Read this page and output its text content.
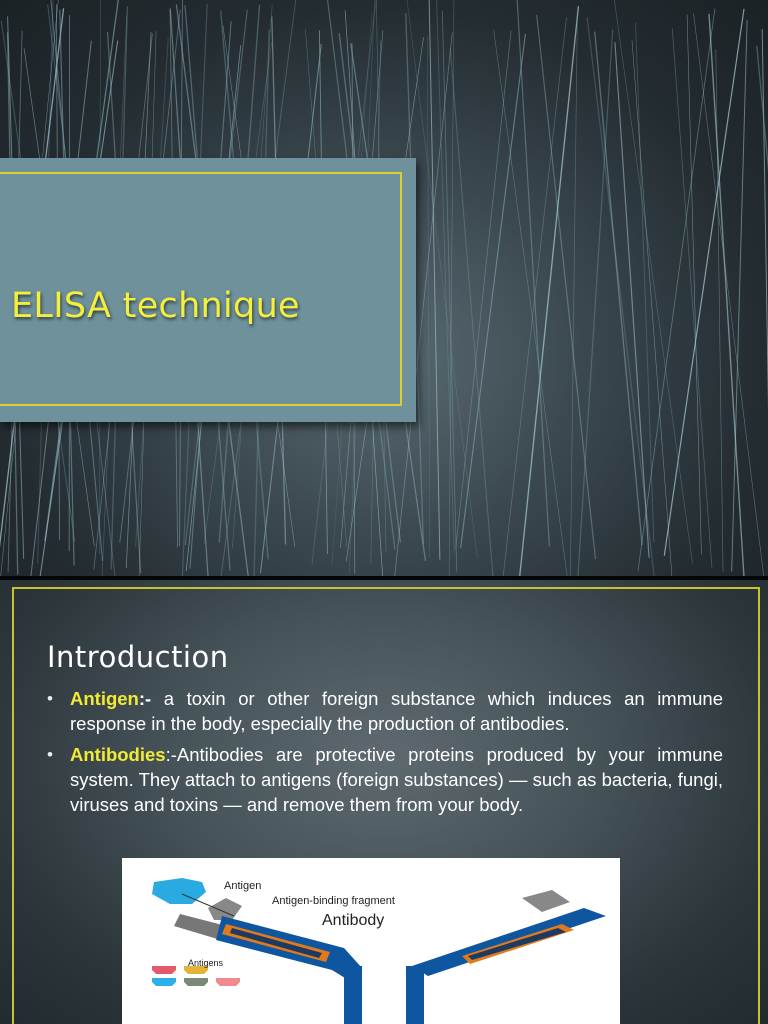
ELISA technique
Introduction
• Antigen:- a toxin or other foreign substance which induces an immune response in the body, especially the production of antibodies.
• Antibodies:-Antibodies are protective proteins produced by your immune system. They attach to antigens (foreign substances) — such as bacteria, fungi, viruses and toxins — and remove them from your body.
Antigen
Antigen-binding fragment
Antibody
Antigens
